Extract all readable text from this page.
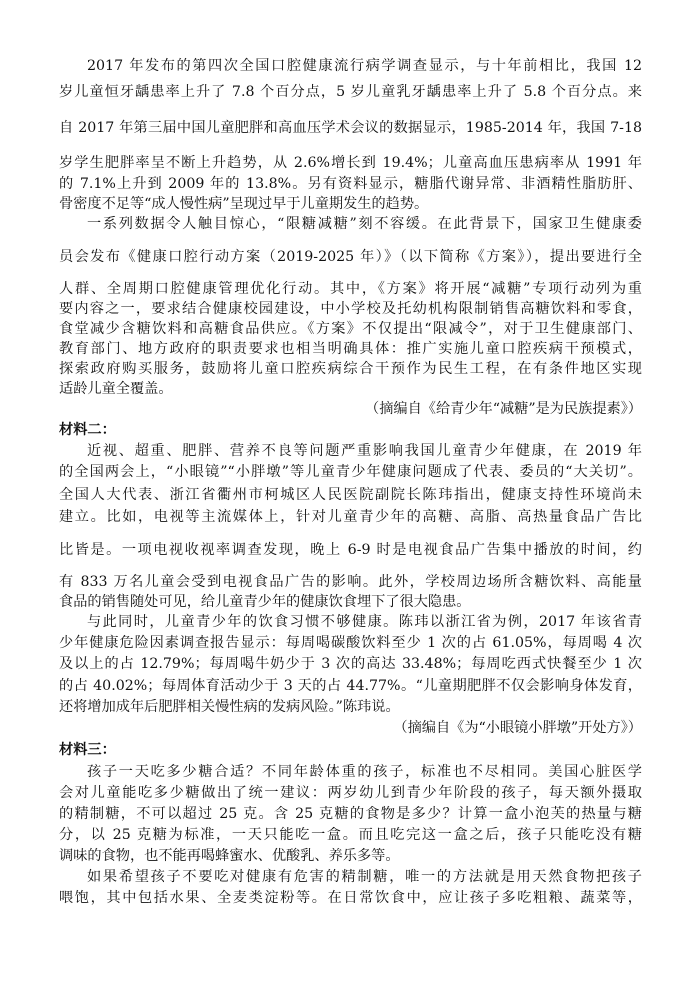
2017 年发布的第四次全国口腔健康流行病学调查显示，与十年前相比，我国 12
岁儿童恒牙龋患率上升了 7.8 个百分点，5 岁儿童乳牙龋患率上升了 5.8 个百分点。来
自 2017 年第三届中国儿童肥胖和高血压学术会议的数据显示，1985-2014 年，我国 7-18
岁学生肥胖率呈不断上升趋势，从 2.6%增长到 19.4%；儿童高血压患病率从 1991 年
的 7.1%上升到 2009 年的 13.8%。另有资料显示，糖脂代谢异常、非酒精性脂肪肝、
骨密度不足等“成人慢性病”呈现过早于儿童期发生的趋势。
一系列数据令人触目惊心，“限糖减糖”刻不容缓。在此背景下，国家卫生健康委
员会发布《健康口腔行动方案（2019-2025 年）》（以下简称《方案》），提出要进行全
人群、全周期口腔健康管理优化行动。其中，《方案》将开展“减糖”专项行动列为重
要内容之一，要求结合健康校园建设，中小学校及托幼机构限制销售高糖饮料和零食，
食堂减少含糖饮料和高糖食品供应。《方案》不仅提出“限减令”，对于卫生健康部门、
教育部门、地方政府的职责要求也相当明确具体：推广实施儿童口腔疾病干预模式，
探索政府购买服务，鼓励将儿童口腔疾病综合干预作为民生工程，在有条件地区实现
适龄儿童全覆盖。
（摘编自《给青少年“减糖”是为民族提素》）
材料二：
近视、超重、肥胖、营养不良等问题严重影响我国儿童青少年健康，在 2019 年
的全国两会上，“小眼镜”“小胖墩”等儿童青少年健康问题成了代表、委员的“大关切”。
全国人大代表、浙江省衢州市柯城区人民医院副院长陈玮指出，健康支持性环境尚未
建立。比如，电视等主流媒体上，针对儿童青少年的高糖、高脂、高热量食品广告比
比皆是。一项电视收视率调查发现，晚上 6-9 时是电视食品广告集中播放的时间，约
有 833 万名儿童会受到电视食品广告的影响。此外，学校周边场所含糖饮料、高能量
食品的销售随处可见，给儿童青少年的健康饮食埋下了很大隐患。
与此同时，儿童青少年的饮食习惯不够健康。陈玮以浙江省为例，2017 年该省青
少年健康危险因素调查报告显示：每周喝碳酸饮料至少 1 次的占 61.05%，每周喝 4 次
及以上的占 12.79%；每周喝牛奶少于 3 次的高达 33.48%；每周吃西式快餐至少 1 次
的占 40.02%；每周体育活动少于 3 天的占 44.77%。“儿童期肥胖不仅会影响身体发育，
还将增加成年后肥胖相关慢性病的发病风险。”陈玮说。
（摘编自《为“小眼镜小胖墩”开处方》）
材料三：
孩子一天吃多少糖合适？不同年龄体重的孩子，标准也不尽相同。美国心脏医学
会对儿童能吃多少糖做出了统一建议：两岁幼儿到青少年阶段的孩子，每天额外摄取
的精制糖，不可以超过 25 克。含 25 克糖的食物是多少？计算一盒小泡芙的热量与糖
分，以 25 克糖为标准，一天只能吃一盒。而且吃完这一盒之后，孩子只能吃没有糖
调味的食物，也不能再喝蜂蜜水、优酸乳、养乐多等。
如果希望孩子不要吃对健康有危害的精制糖，唯一的方法就是用天然食物把孩子
喂饱，其中包括水果、全麦类淀粉等。在日常饮食中，应让孩子多吃粗粮、蔬菜等，
